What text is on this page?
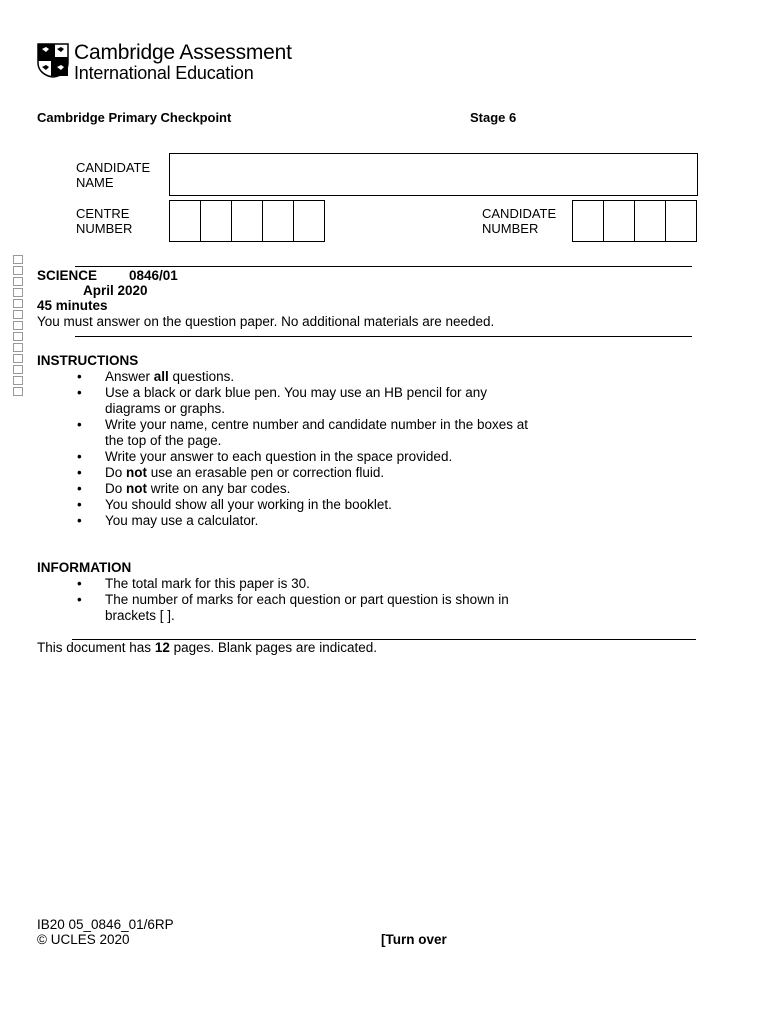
Cambridge Assessment
International Education
Cambridge Primary Checkpoint	Stage 6
CANDIDATE
NAME
CENTRE
NUMBER
CANDIDATE
NUMBER
SCIENCE 0846/01
April 2020
45 minutes
You must answer on the question paper. No additional materials are needed.
INSTRUCTIONS
• Answer all questions.
• Use a black or dark blue pen. You may use an HB pencil for any
diagrams or graphs.
• Write your name, centre number and candidate number in the boxes at
the top of the page.
• Write your answer to each question in the space provided.
• Do not use an erasable pen or correction fluid.
• Do not write on any bar codes.
• You should show all your working in the booklet.
• You may use a calculator.
INFORMATION
• The total mark for this paper is 30.
• The number of marks for each question or part question is shown in
brackets [ ].
This document has 12 pages. Blank pages are indicated.
IB20 05_0846_01/6RP
© UCLES 2020	[Turn over
